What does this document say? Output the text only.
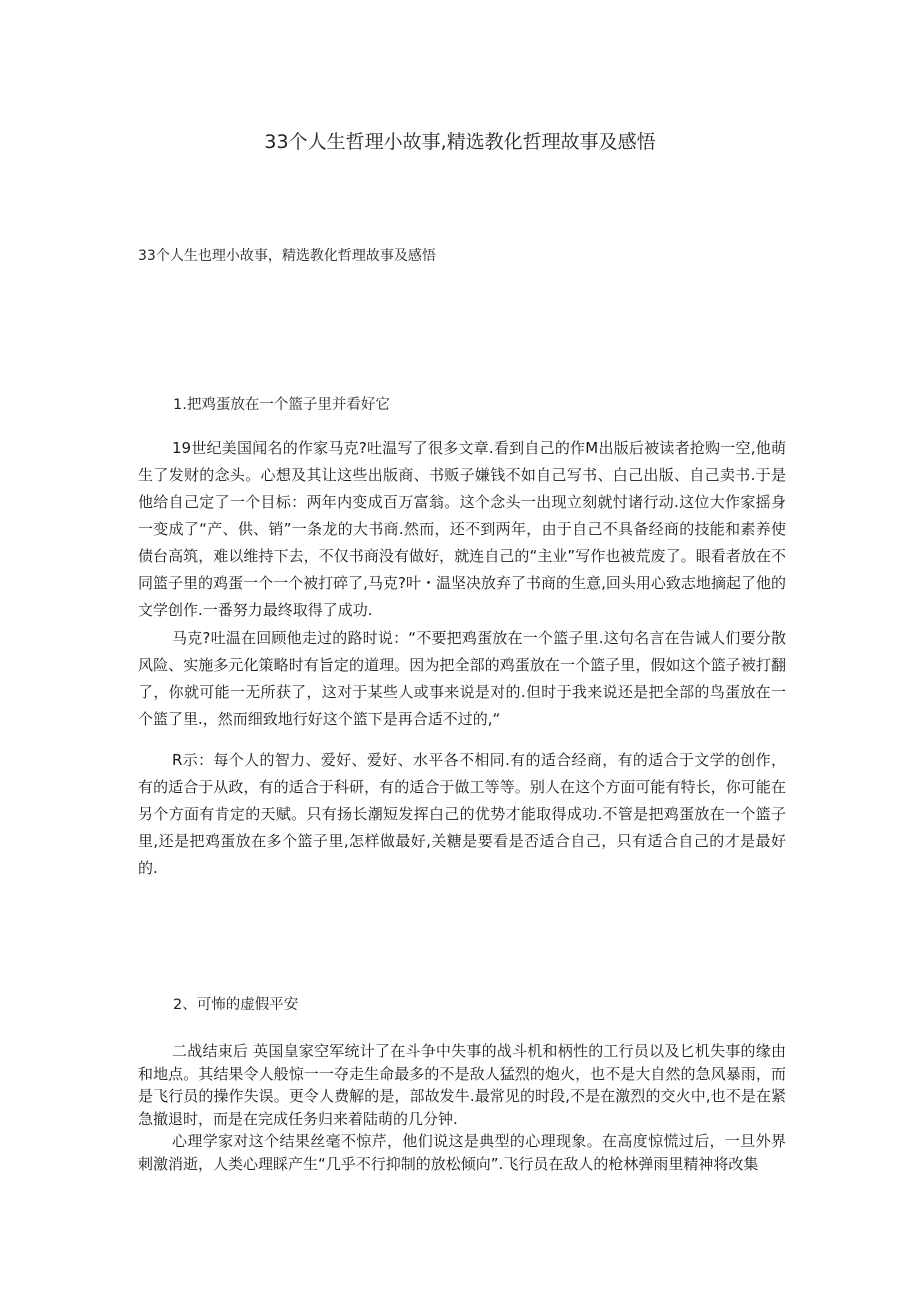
33个人生哲理小故事,精选教化哲理故事及感悟
33个人生也理小故事，精选教化哲理故事及感悟
1.把鸡蛋放在一个篮子里并看好它

19世纪美国闻名的作家马克?吐温写了很多文章.看到自己的作M出版后被读者抢购一空,他萌生了发财的念头。心想及其让这些出版商、书贩子嫌钱不如自己写书、白己出版、自己卖书.于是他给自己定了一个目标：两年内变成百万富翁。这个念头一出现立刻就忖诸行动.这位大作家摇身一变成了“产、供、销”一条龙的大书商.然而，还不到两年，由于自己不具备经商的技能和素养使债台高筑，难以维持下去，不仅书商没有做好，就连自己的“主业”写作也被荒废了。眼看者放在不同篮子里的鸡蛋一个一个被打碎了,马克?叶・温坚决放弃了书商的生意,回头用心致志地摘起了他的文学创作.一番努力最终取得了成功.

马克?吐温在回顾他走过的路时说：“不要把鸡蛋放在一个篮子里.这句名言在告诫人们要分散风险、实施多元化策略时有旨定的道理。因为把全部的鸡蛋放在一个篮子里，假如这个篮子被打翻了，你就可能一无所获了，这对于某些人或事来说是对的.但时于我来说还是把全部的鸟蛋放在一个篮了里.，然而细致地行好这个篮下是再合适不过的,“

R示：每个人的智力、爱好、爱好、水平各不相同.有的适合经商，有的适合于文学的创作，有的适合于从政，有的适合于科研，有的适合于做工等等。别人在这个方面可能有特长，你可能在另个方面有肯定的天赋。只有扬长潮短发挥白己的优势才能取得成功.不管是把鸡蛋放在一个篮子里,还是把鸡蛋放在多个篮子里,怎样做最好,关糖是要看是否适合自己，只有适合自己的才是最好的.

2、可怖的虚假平安

二战结束后 英国皇家空军统计了在斗争中失事的战斗机和柄性的工行员以及匕机失事的缘由和地点。其结果令人般惊一一夺走生命最多的不是敌人猛烈的炮火，也不是大自然的急风暴雨，而是飞行员的操作失误。更令人费解的是，部故发牛.最常见的时段,不是在激烈的交火中,也不是在紧急撤退时，而是在完成任务归来着陆萌的几分钟.

心理学家对这个结果丝毫不惊芹，他们说这是典型的心理现象。在高度惊慌过后，一旦外界刺激消逝，人类心理睬产生“几乎不行抑制的放松倾向”.飞行员在敌人的枪林弹雨里精神将改集
